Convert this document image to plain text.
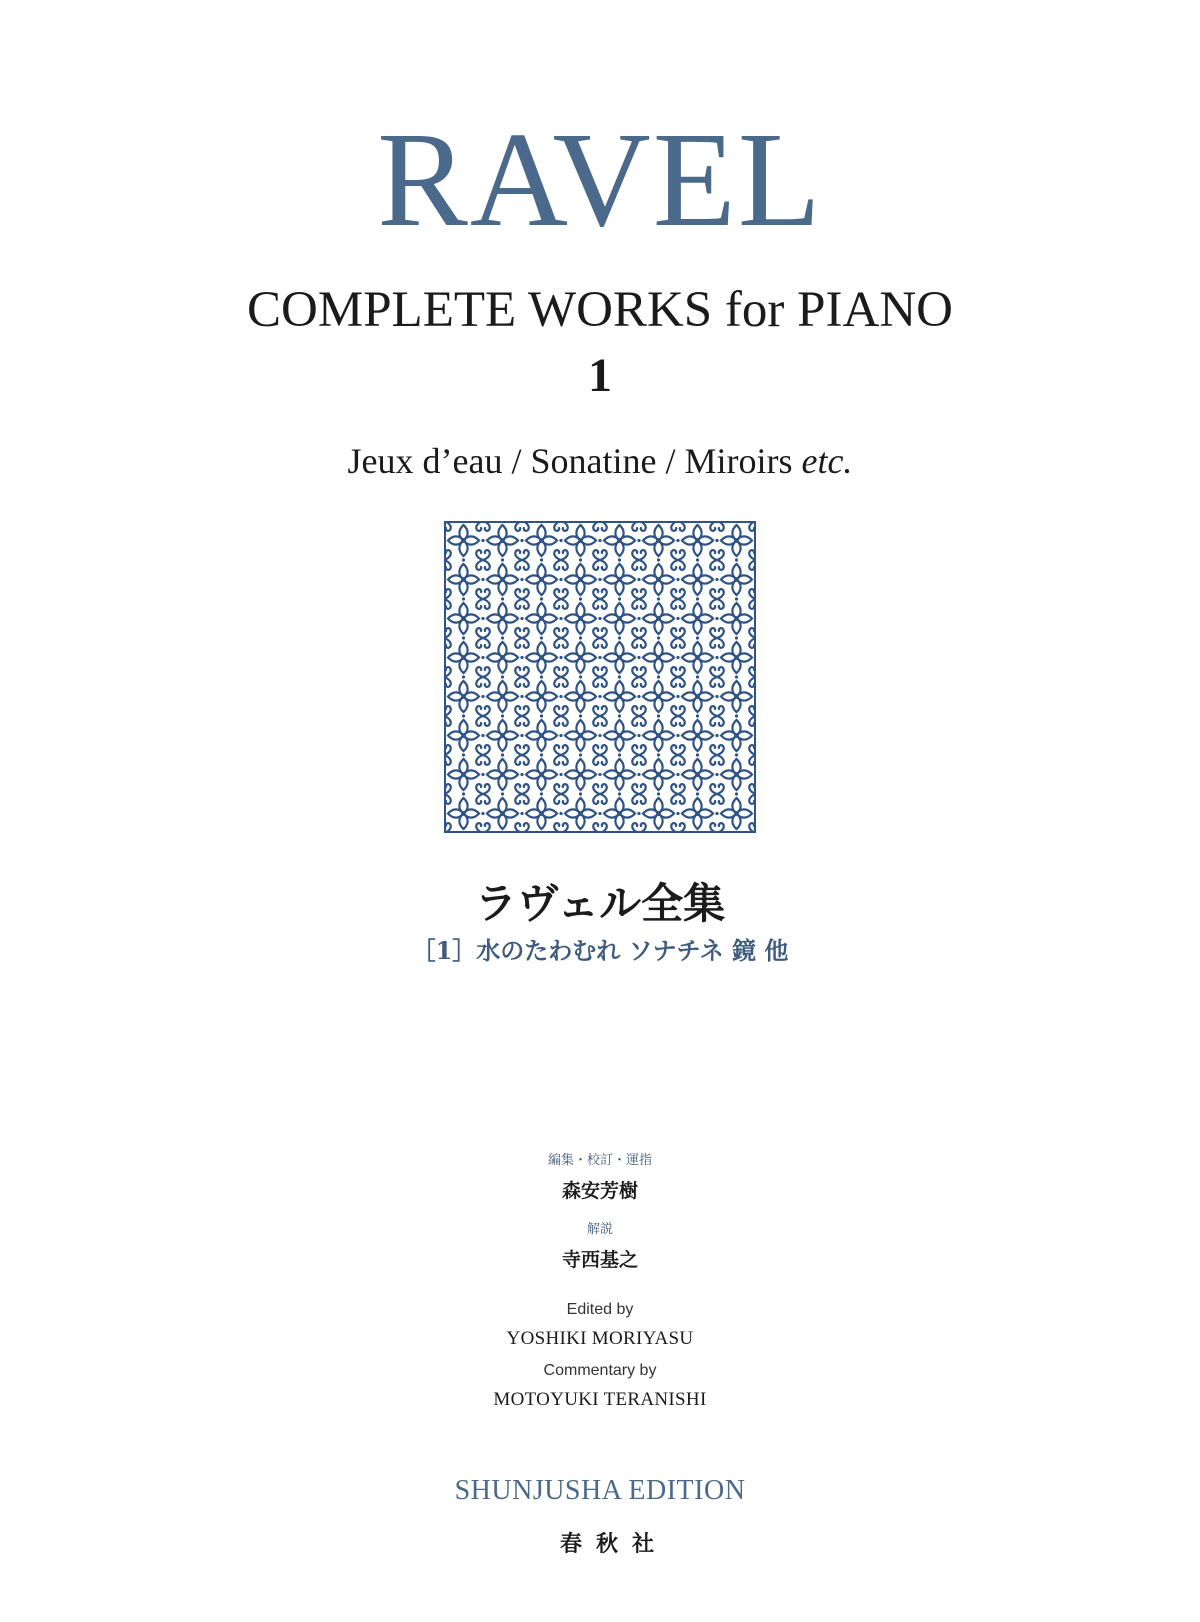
RAVEL
COMPLETE WORKS for PIANO
1
Jeux d’eau / Sonatine / Miroirs etc.
ラヴェル全集
［1］水のたわむれ ソナチネ 鏡 他
編集・校訂・運指
森安芳樹
解説
寺西基之
Edited by
YOSHIKI MORIYASU
Commentary by
MOTOYUKI TERANISHI
SHUNJUSHA EDITION
春秋社
